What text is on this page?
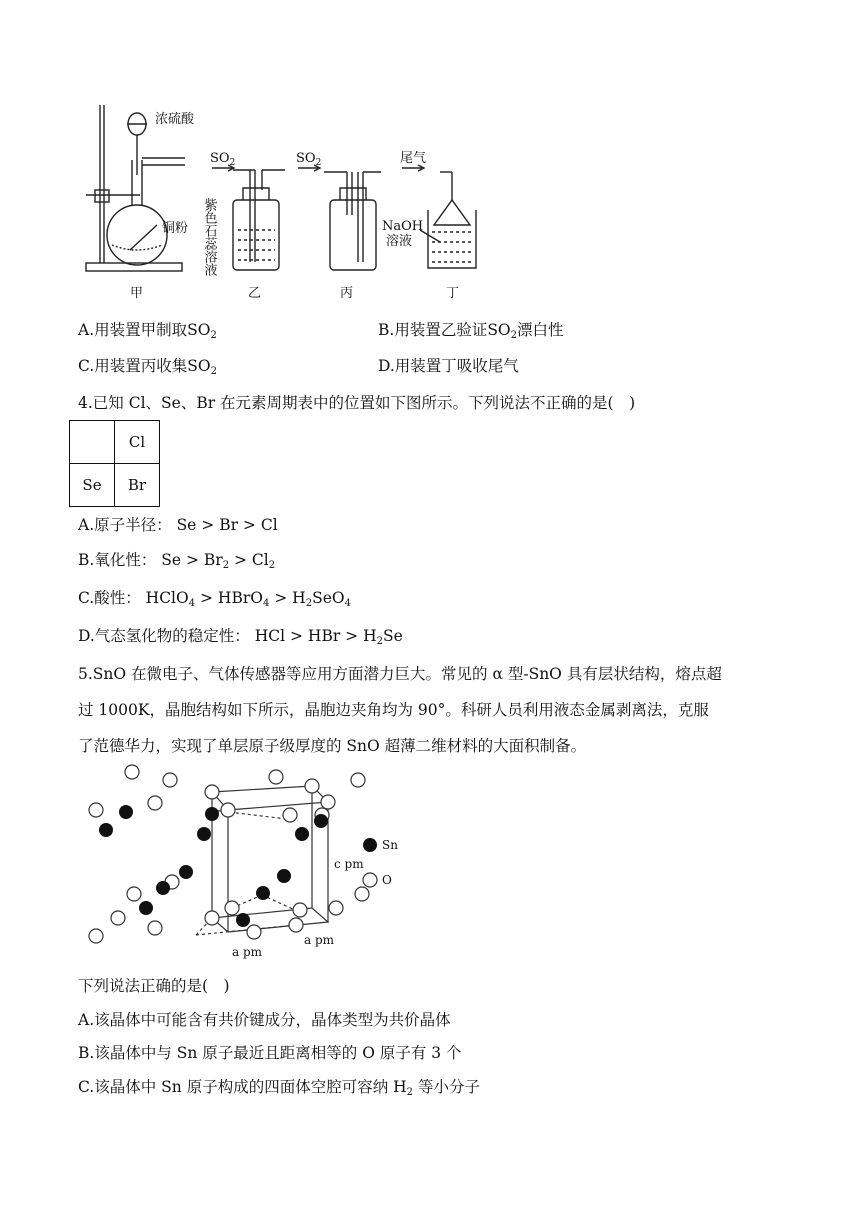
浓硫酸
铜粉
$SO_2$	$SO_2$	尾气
NaOH
溶液
甲	乙	丙	丁
紫色石蕊溶液
A.用装置甲制取$SO_2$	B.用装置乙验证$SO_2$漂白性
C.用装置丙收集$SO_2$	D.用装置丁吸收尾气
4.已知 Cl、Se、Br 在元素周期表中的位置如下图所示。下列说法不正确的是(　)
	Cl
Se	Br
A.原子半径： Se > Br > Cl
B.氧化性： $Se > Br_2 > Cl_2$
C.酸性： HClO$_4$ > HBrO$_4$ > $H_2SeO_4$
D.气态氢化物的稳定性： HCl > HBr > $H_2Se$
5.SnO 在微电子、气体传感器等应用方面潜力巨大。常见的 α 型-SnO 具有层状结构，熔点超
过 1000K，晶胞结构如下所示，晶胞边夹角均为 90°。科研人员利用液态金属剥离法，克服
了范德华力，实现了单层原子级厚度的 SnO 超薄二维材料的大面积制备。
Sn
O
c pm
a pm
a pm
下列说法正确的是(　)
A.该晶体中可能含有共价键成分，晶体类型为共价晶体
B.该晶体中与 Sn 原子最近且距离相等的 O 原子有 3 个
C.该晶体中 Sn 原子构成的四面体空腔可容纳 $H_2$ 等小分子
